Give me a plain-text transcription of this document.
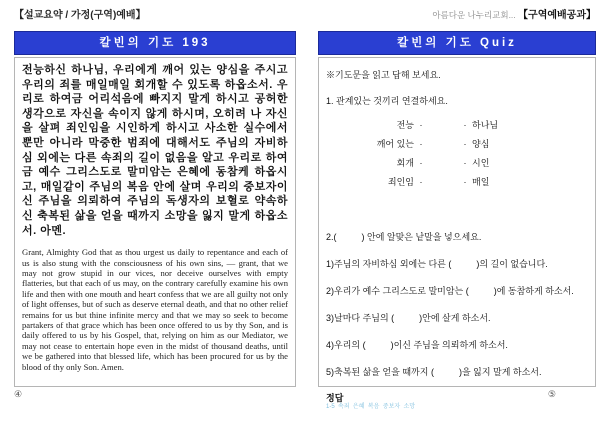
【설교요약 / 가정(구역)예배】
칼빈의 기도 193
전능하신 하나님, 우리에게 깨어 있는 양심을 주시고 우리의 죄를 매일매일 회개할 수 있도록 하옵소서. 우리로 하여금 어리석음에 빠지지 말게 하시고 공허한 생각으로 자신을 속이지 않게 하시며, 오히려 나 자신을 살펴 죄인임을 시인하게 하시고 사소한 실수에서뿐만 아니라 막중한 범죄에 대해서도 주님의 자비하심 외에는 다른 속죄의 길이 없음을 알고 우리로 하여금 예수 그리스도로 말미암는 은혜에 동참케 하옵시고, 매일같이 주님의 복음 안에 살며 우리의 중보자이신 주님을 의뢰하여 주님의 독생자의 보혈로 약속하신 축복된 삶을 얻을 때까지 소망을 잃지 말게 하옵소서. 아멘.
Grant, Almighty God that as thou urgest us daily to repentance and each of us is also stung with the consciousness of his own sins, — grant, that we may not grow stupid in our vices, nor deceive ourselves with empty flatteries, but that each of us may, on the contrary carefully examine his own life and then with one mouth and heart confess that we are all guilty not only of light offenses, but of such as deserve eternal death, and that no other relief remains for us but thine infinite mercy and that we may so seek to become partakers of that grace which has been once offered to us by thy Son, and is daily offered to us by his Gospel, that, relying on him as our Mediator, we may not cease to entertain hope even in the midst of thousand deaths, until we be gathered into that blessed life, which has been procured for us by the blood of thy only Son. Amen.
④
아름다운 나누리교회... 【구역예배공과】
칼빈의 기도 Quiz
※기도문을 읽고 답해 보세요.
1. 관계있는 것끼리 연결하세요.
전능 ·	· 하나님
깨어 있는 ·	· 양심
회개 ·	· 시인
죄인임 ·	· 매일
2.(          ) 안에 알맞은 낱말을 넣으세요.
1)주님의 자비하심 외에는 다른 (          )의 길이 없습니다.
2)우리가 예수 그리스도로 말미암는 (          )에 동참하게 하소서.
3)날마다 주님의 (          )안에 살게 하소서.
4)우리의 (          )이신 주님을 의뢰하게 하소서.
5)축복된 삶을 얻을 때까지 (          )을 잃지 말게 하소서.
정답
1-5  속죄  은혜  복음  중보자  소망
⑤
